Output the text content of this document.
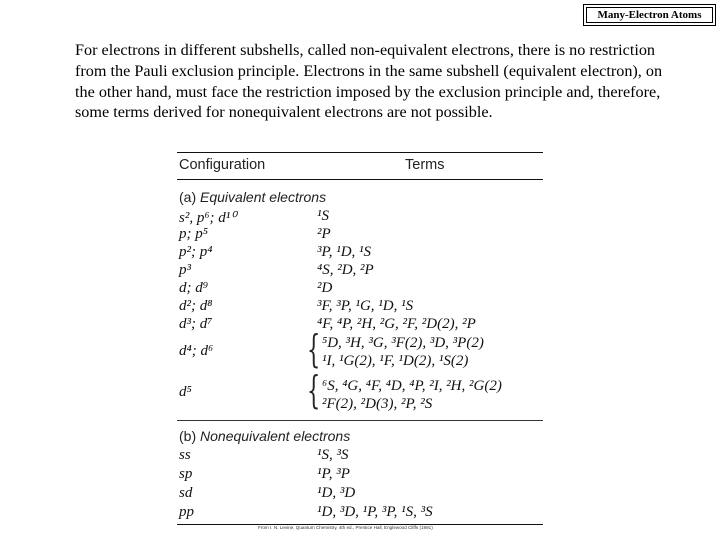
Many-Electron Atoms

For electrons in different subshells, called non-equivalent electrons, there is no restriction from the Pauli exclusion principle. Electrons in the same subshell (equivalent electron), on the other hand, must face the restriction imposed by the exclusion principle and, therefore, some terms derived for nonequivalent electrons are not possible.

Configuration	Terms
(a) Equivalent electrons
s², p⁶; d¹⁰	¹S
p; p⁵	²P
p²; p⁴	³P, ¹D, ¹S
p³	⁴S, ²D, ²P
d; d⁹	²D
d²; d⁸	³F, ³P, ¹G, ¹D, ¹S
d³; d⁷	⁴F, ⁴P, ²H, ²G, ²F, ²D(2), ²P
d⁴; d⁶ { ⁵D, ³H, ³G, ³F(2), ³D, ³P(2)
¹I, ¹G(2), ¹F, ¹D(2), ¹S(2)
d⁵	{ ⁶S, ⁴G, ⁴F, ⁴D, ⁴P, ²I, ²H, ²G(2)
²F(2), ²D(3), ²P, ²S
(b) Nonequivalent electrons
ss	¹S, ³S
sp	¹P, ³P
sd	¹D, ³D
pp	¹D, ³D, ¹P, ³P, ¹S, ³S
From I. N. Levine, Quantum Chemistry, 4th ed., Prentice Hall, Englewood Cliffs (1991)
